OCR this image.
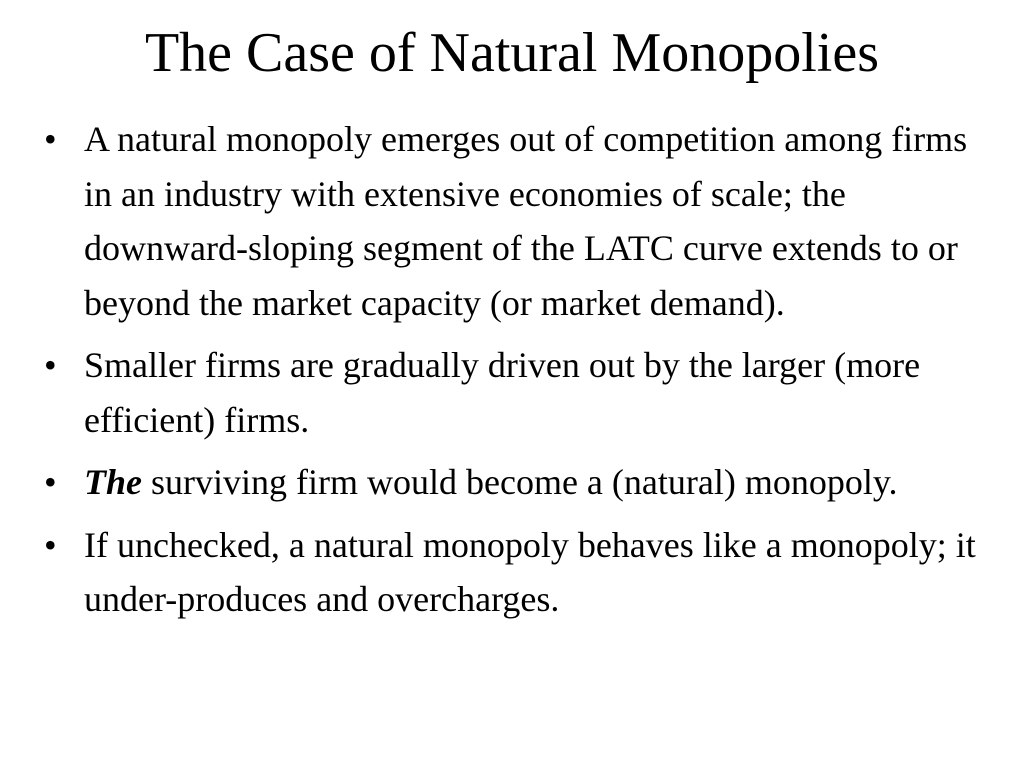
The Case of Natural Monopolies
• A natural monopoly emerges out of competition among firms in an industry with extensive economies of scale; the downward-sloping segment of the LATC curve extends to or beyond the market capacity (or market demand).
• Smaller firms are gradually driven out by the larger (more efficient) firms.
• The surviving firm would become a (natural) monopoly.
• If unchecked, a natural monopoly behaves like a monopoly; it under-produces and overcharges.
